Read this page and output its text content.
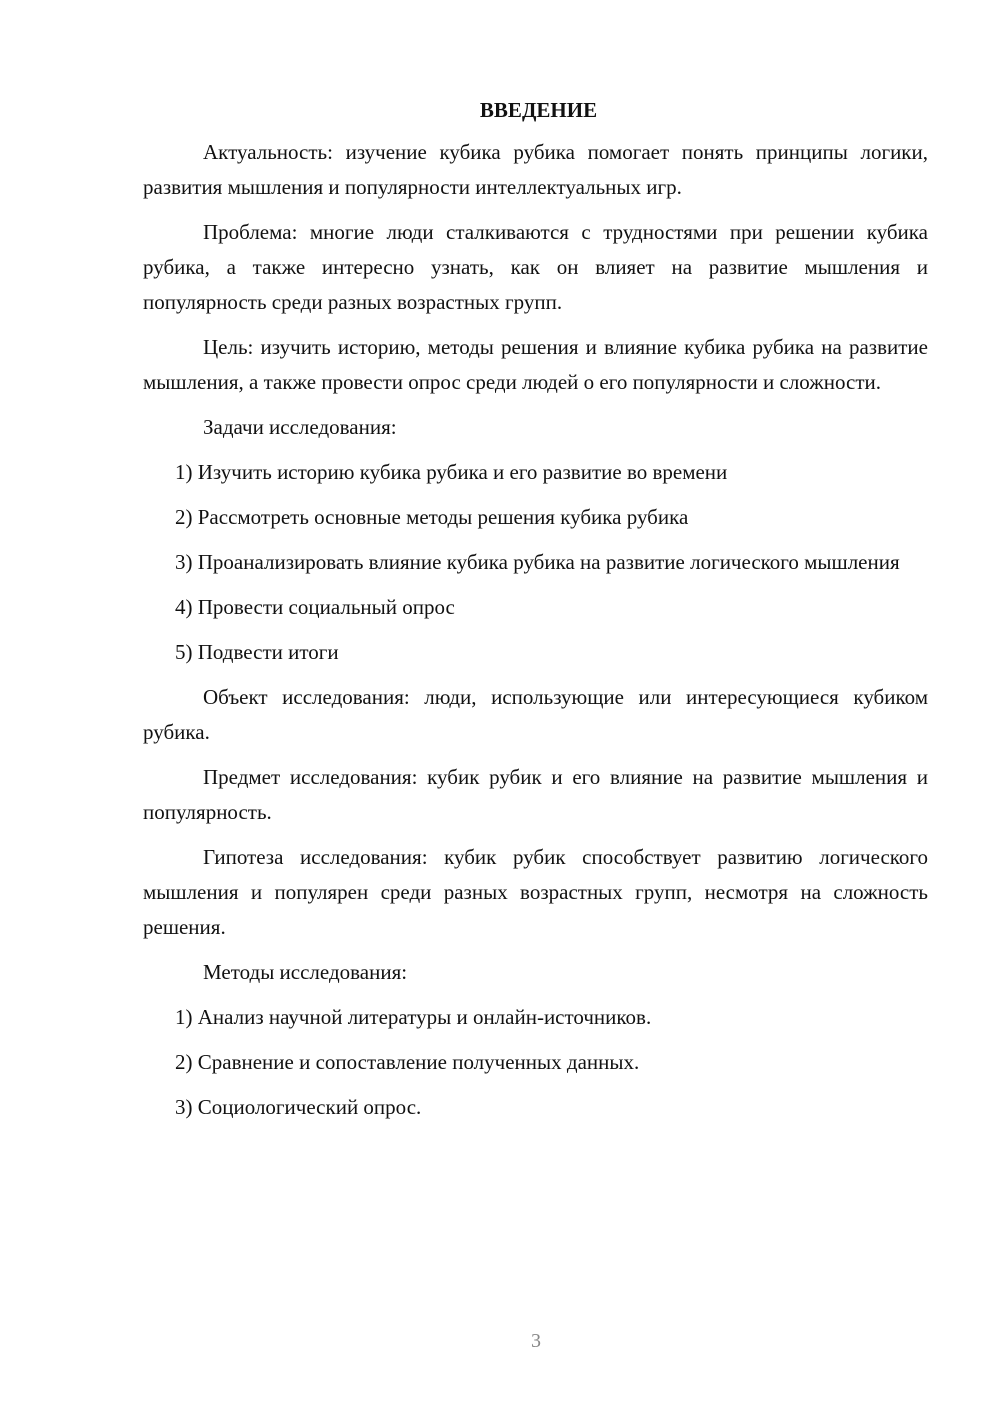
ВВЕДЕНИЕ

Актуальность: изучение кубика рубика помогает понять принципы логики, развития мышления и популярности интеллектуальных игр.

Проблема: многие люди сталкиваются с трудностями при решении кубика рубика, а также интересно узнать, как он влияет на развитие мышления и популярность среди разных возрастных групп.

Цель: изучить историю, методы решения и влияние кубика рубика на развитие мышления, а также провести опрос среди людей о его популярности и сложности.

Задачи исследования:

1) Изучить историю кубика рубика и его развитие во времени

2) Рассмотреть основные методы решения кубика рубика

3) Проанализировать влияние кубика рубика на развитие логического мышления

4) Провести социальный опрос

5) Подвести итоги

Объект исследования: люди, использующие или интересующиеся кубиком рубика.

Предмет исследования: кубик рубик и его влияние на развитие мышления и популярность.

Гипотеза исследования: кубик рубик способствует развитию логического мышления и популярен среди разных возрастных групп, несмотря на сложность решения.

Методы исследования:

1) Анализ научной литературы и онлайн-источников.

2) Сравнение и сопоставление полученных данных.

3) Социологический опрос.

3
